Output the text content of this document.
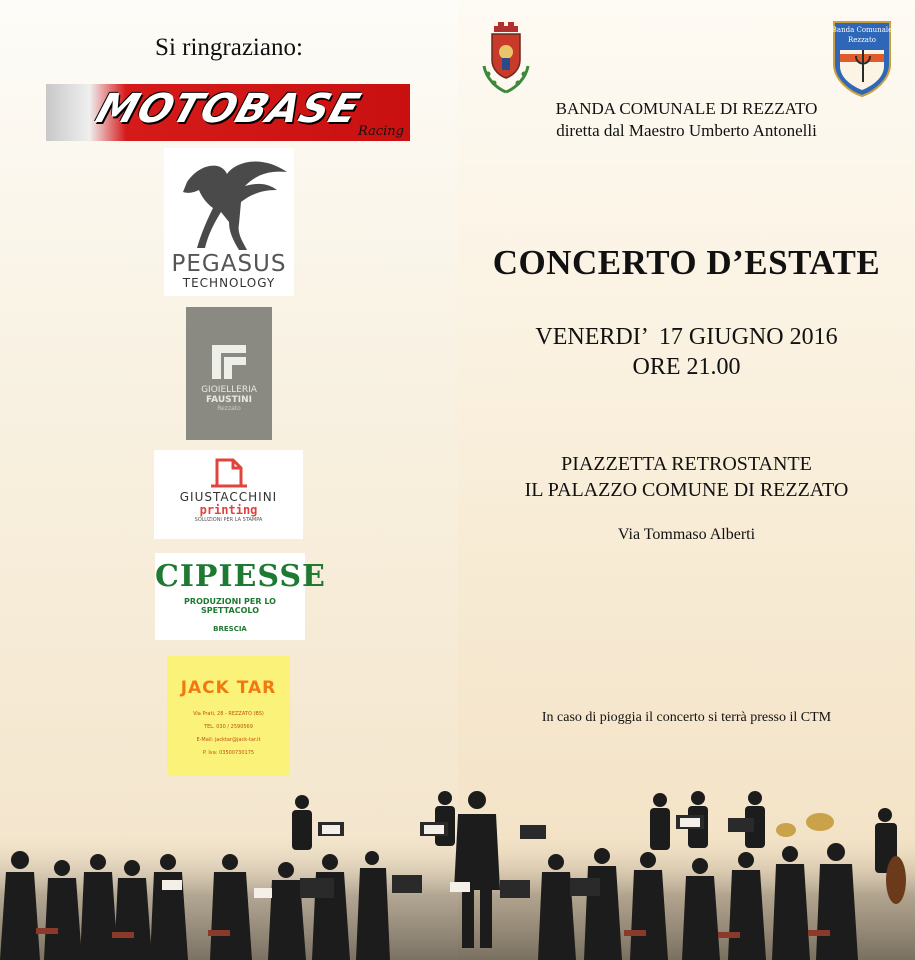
Si ringraziano:
MOTOBASE
Racing
PEGASUS
TECHNOLOGY
GIOIELLERIA
FAUSTINI
Rezzato
GIUSTACCHINI
printing
SOLUZIONI PER LA STAMPA
CIPIESSE
PRODUZIONI PER LO SPETTACOLO
BRESCIA
JACK TAR
Via Prati, 28 - REZZATO (BS)
TEL. 030 / 2590569
E-Mail: jacktar@jack-tar.it
P. Iva: 03500730175
Banda Comunale
Rezzato
BANDA COMUNALE DI REZZATO
diretta dal Maestro Umberto Antonelli
CONCERTO D’ESTATE
VENERDI’  17 GIUGNO 2016
ORE 21.00
PIAZZETTA RETROSTANTE
IL PALAZZO COMUNE DI REZZATO
Via Tommaso Alberti
In caso di pioggia il concerto si terrà presso il CTM
